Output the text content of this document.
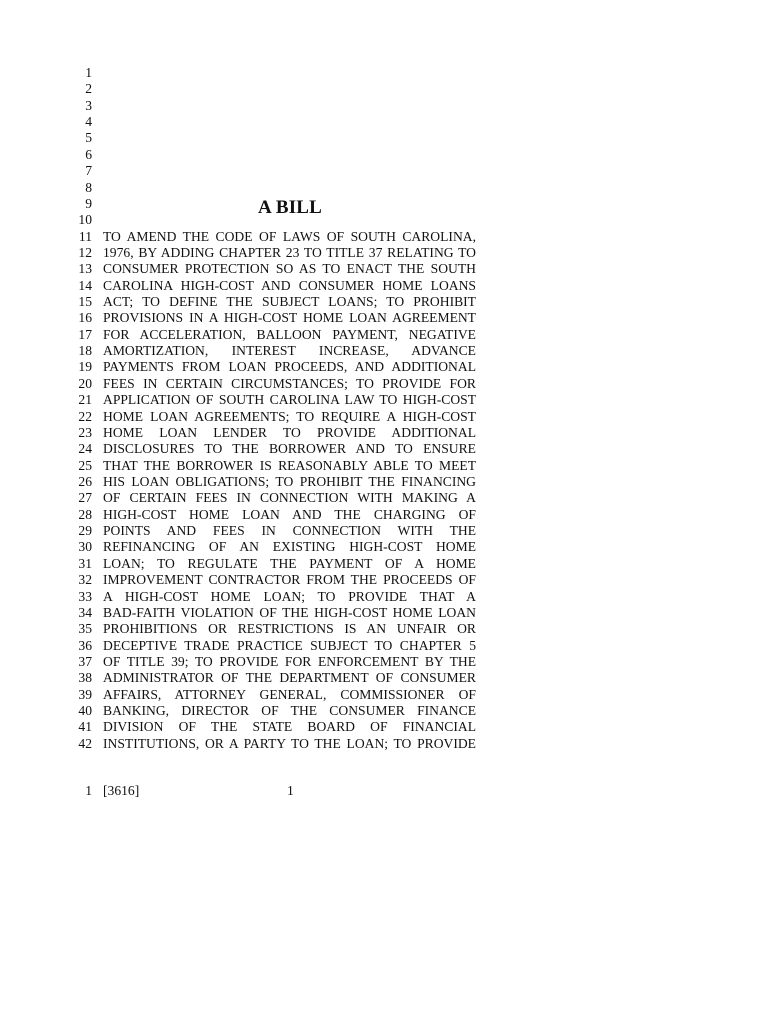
A BILL
1
2
3
4
5
6
7
8
9
10
11 TO AMEND THE CODE OF LAWS OF SOUTH CAROLINA,
12 1976, BY ADDING CHAPTER 23 TO TITLE 37 RELATING TO
13 CONSUMER PROTECTION SO AS TO ENACT THE SOUTH
14 CAROLINA HIGH-COST AND CONSUMER HOME LOANS
15 ACT; TO DEFINE THE SUBJECT LOANS; TO PROHIBIT
16 PROVISIONS IN A HIGH-COST HOME LOAN AGREEMENT
17 FOR ACCELERATION, BALLOON PAYMENT, NEGATIVE
18 AMORTIZATION, INTEREST INCREASE, ADVANCE
19 PAYMENTS FROM LOAN PROCEEDS, AND ADDITIONAL
20 FEES IN CERTAIN CIRCUMSTANCES; TO PROVIDE FOR
21 APPLICATION OF SOUTH CAROLINA LAW TO HIGH-COST
22 HOME LOAN AGREEMENTS; TO REQUIRE A HIGH-COST
23 HOME LOAN LENDER TO PROVIDE ADDITIONAL
24 DISCLOSURES TO THE BORROWER AND TO ENSURE
25 THAT THE BORROWER IS REASONABLY ABLE TO MEET
26 HIS LOAN OBLIGATIONS; TO PROHIBIT THE FINANCING
27 OF CERTAIN FEES IN CONNECTION WITH MAKING A
28 HIGH-COST HOME LOAN AND THE CHARGING OF
29 POINTS AND FEES IN CONNECTION WITH THE
30 REFINANCING OF AN EXISTING HIGH-COST HOME
31 LOAN; TO REGULATE THE PAYMENT OF A HOME
32 IMPROVEMENT CONTRACTOR FROM THE PROCEEDS OF
33 A HIGH-COST HOME LOAN; TO PROVIDE THAT A
34 BAD-FAITH VIOLATION OF THE HIGH-COST HOME LOAN
35 PROHIBITIONS OR RESTRICTIONS IS AN UNFAIR OR
36 DECEPTIVE TRADE PRACTICE SUBJECT TO CHAPTER 5
37 OF TITLE 39; TO PROVIDE FOR ENFORCEMENT BY THE
38 ADMINISTRATOR OF THE DEPARTMENT OF CONSUMER
39 AFFAIRS, ATTORNEY GENERAL, COMMISSIONER OF
40 BANKING, DIRECTOR OF THE CONSUMER FINANCE
41 DIVISION OF THE STATE BOARD OF FINANCIAL
42 INSTITUTIONS, OR A PARTY TO THE LOAN; TO PROVIDE
1 [3616]	1
